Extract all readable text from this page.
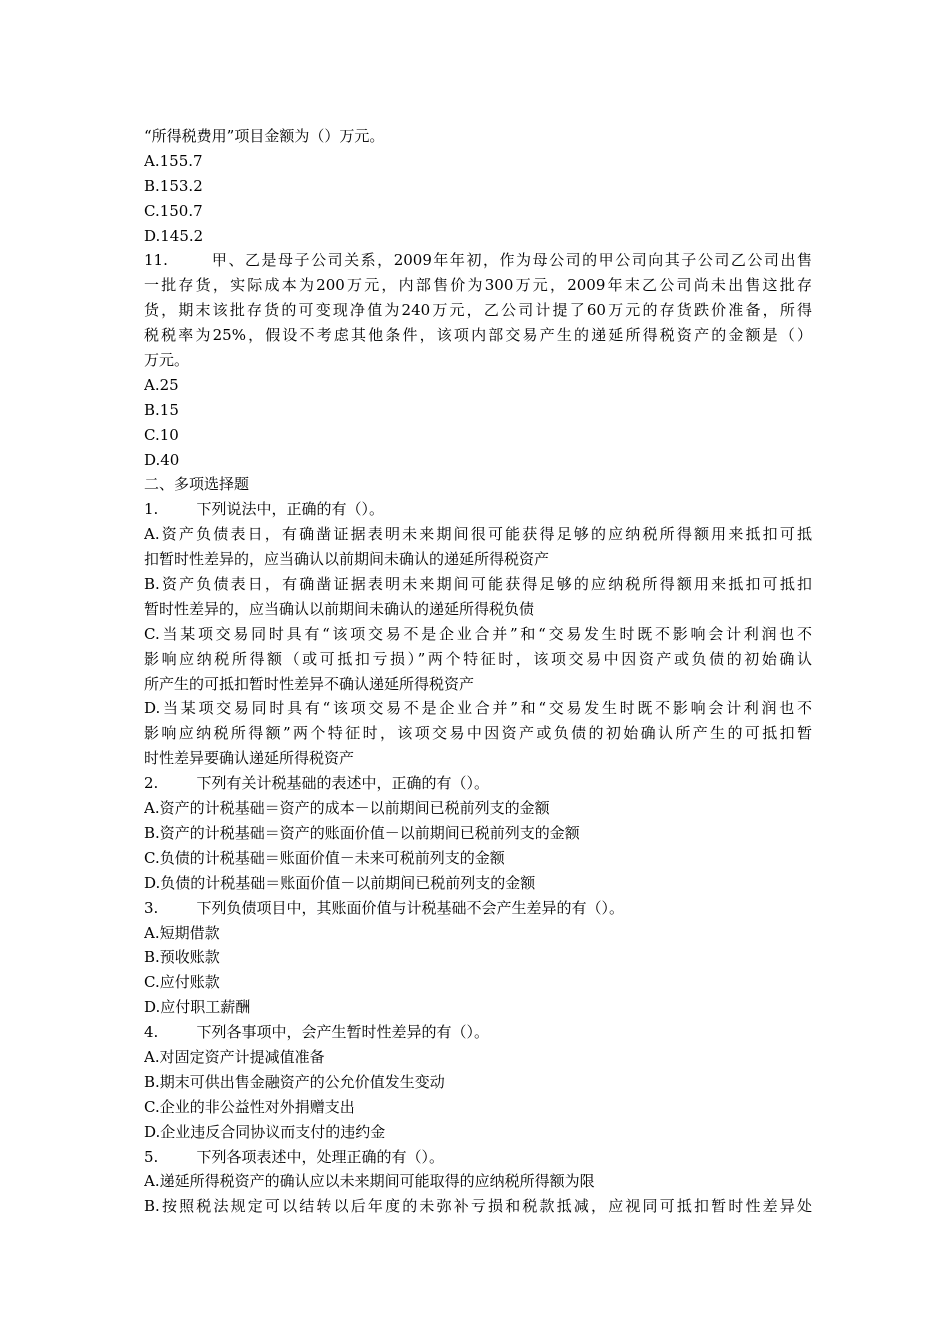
“所得税费用”项目金额为（）万元。
A.155.7
B.153.2
C.150.7
D.145.2
11.       甲、乙是母子公司关系，2009年年初，作为母公司的甲公司向其子公司乙公司出售
一批存货，实际成本为200万元，内部售价为300万元，2009年末乙公司尚未出售这批存
货，期末该批存货的可变现净值为240万元，乙公司计提了60万元的存货跌价准备，所得
税税率为25%，假设不考虑其他条件，该项内部交易产生的递延所得税资产的金额是（）
万元。
A.25
B.15
C.10
D.40
二、多项选择题
1.        下列说法中，正确的有（）。
A.资产负债表日，有确凿证据表明未来期间很可能获得足够的应纳税所得额用来抵扣可抵
扣暂时性差异的，应当确认以前期间未确认的递延所得税资产
B.资产负债表日，有确凿证据表明未来期间可能获得足够的应纳税所得额用来抵扣可抵扣
暂时性差异的，应当确认以前期间未确认的递延所得税负债
C.当某项交易同时具有“该项交易不是企业合并”和“交易发生时既不影响会计利润也不
影响应纳税所得额（或可抵扣亏损）”两个特征时，该项交易中因资产或负债的初始确认
所产生的可抵扣暂时性差异不确认递延所得税资产
D.当某项交易同时具有“该项交易不是企业合并”和“交易发生时既不影响会计利润也不
影响应纳税所得额”两个特征时，该项交易中因资产或负债的初始确认所产生的可抵扣暂
时性差异要确认递延所得税资产
2.        下列有关计税基础的表述中，正确的有（）。
A.资产的计税基础＝资产的成本－以前期间已税前列支的金额
B.资产的计税基础＝资产的账面价值－以前期间已税前列支的金额
C.负债的计税基础＝账面价值－未来可税前列支的金额
D.负债的计税基础＝账面价值－以前期间已税前列支的金额
3.        下列负债项目中，其账面价值与计税基础不会产生差异的有（）。
A.短期借款
B.预收账款
C.应付账款
D.应付职工薪酬
4.        下列各事项中，会产生暂时性差异的有（）。
A.对固定资产计提减值准备
B.期末可供出售金融资产的公允价值发生变动
C.企业的非公益性对外捐赠支出
D.企业违反合同协议而支付的违约金
5.        下列各项表述中，处理正确的有（）。
A.递延所得税资产的确认应以未来期间可能取得的应纳税所得额为限
B.按照税法规定可以结转以后年度的未弥补亏损和税款抵减，应视同可抵扣暂时性差异处
